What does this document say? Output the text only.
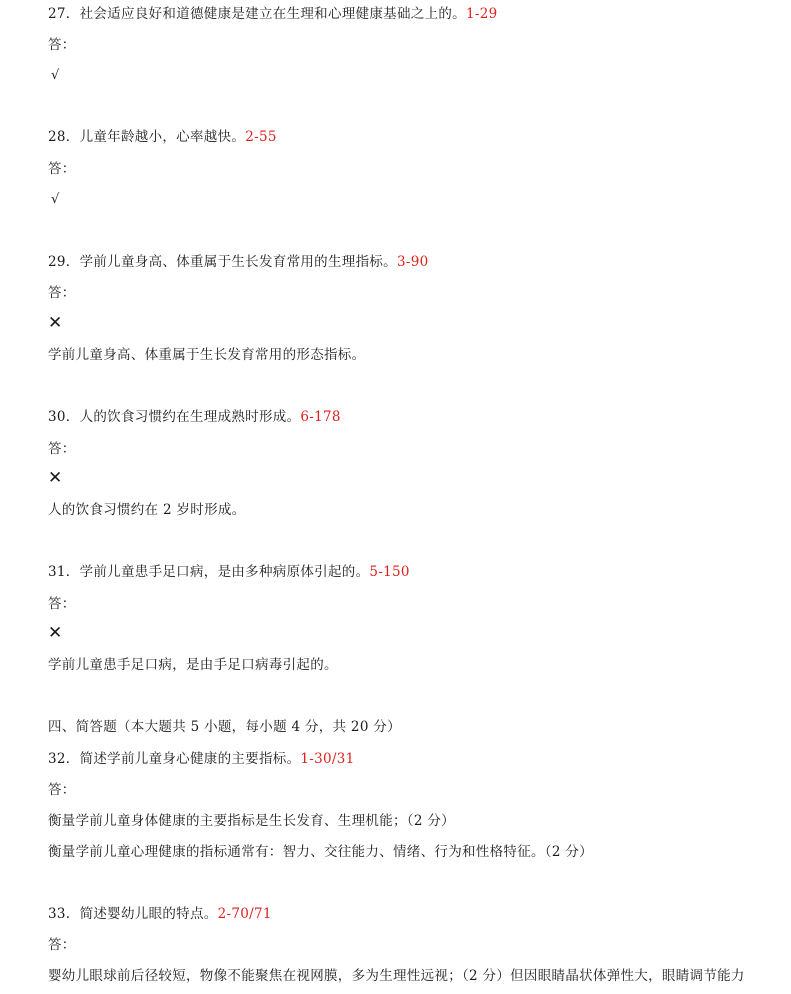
27．社会适应良好和道德健康是建立在生理和心理健康基础之上的。1-29
答：
√
28．儿童年龄越小，心率越快。2-55
答：
√
29．学前儿童身高、体重属于生长发育常用的生理指标。3-90
答：
✕
学前儿童身高、体重属于生长发育常用的形态指标。
30．人的饮食习惯约在生理成熟时形成。6-178
答：
✕
人的饮食习惯约在 2 岁时形成。
31．学前儿童患手足口病，是由多种病原体引起的。5-150
答：
✕
学前儿童患手足口病，是由手足口病毒引起的。
四、简答题（本大题共 5 小题，每小题 4 分，共 20 分）
32．简述学前儿童身心健康的主要指标。1-30/31
答：
衡量学前儿童身体健康的主要指标是生长发育、生理机能；（2 分）
衡量学前儿童心理健康的指标通常有：智力、交往能力、情绪、行为和性格特征。（2 分）
33．简述婴幼儿眼的特点。2-70/71
答：
婴幼儿眼球前后径较短，物像不能聚焦在视网膜，多为生理性远视；（2 分）但因眼睛晶状体弹性大，眼睛调节能力
